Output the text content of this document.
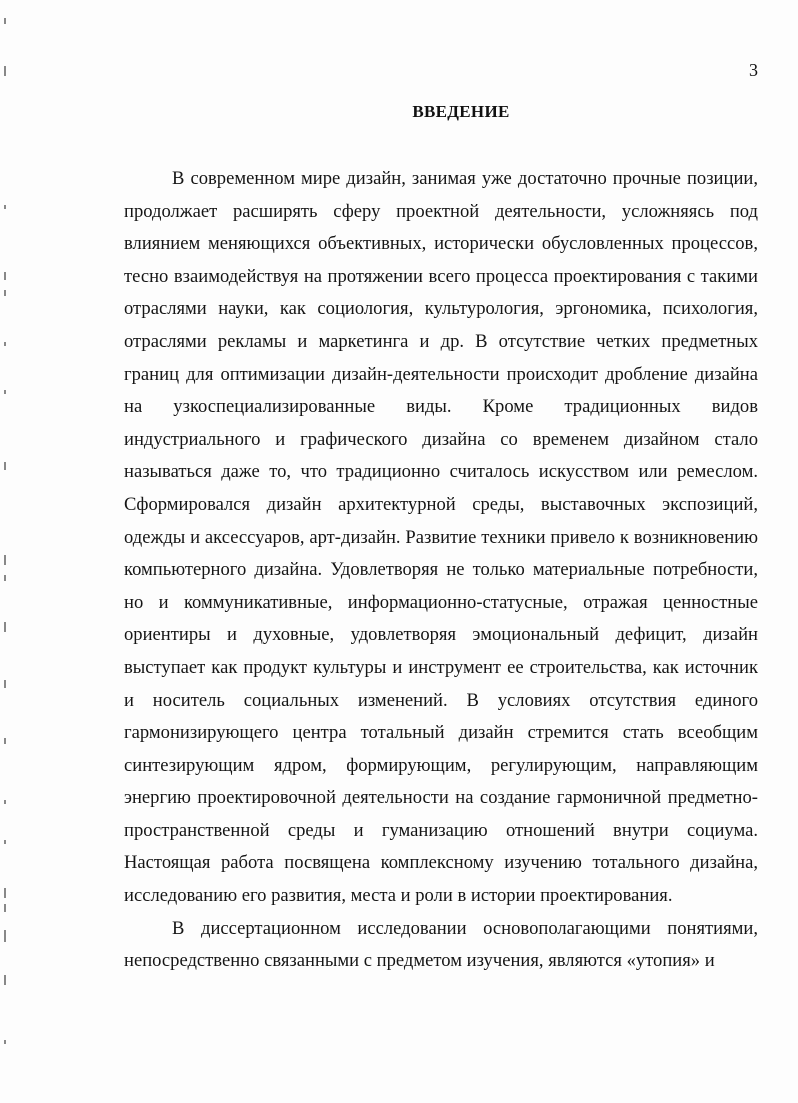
3
ВВЕДЕНИЕ

В современном мире дизайн, занимая уже достаточно прочные позиции, продолжает расширять сферу проектной деятельности, усложняясь под влиянием меняющихся объективных, исторически обусловленных процессов, тесно взаимодействуя на протяжении всего процесса проектирования с такими отраслями науки, как социология, культурология, эргономика, психология, отраслями рекламы и маркетинга и др. В отсутствие четких предметных границ для оптимизации дизайн-деятельности происходит дробление дизайна на узкоспециализированные виды. Кроме традиционных видов индустриального и графического дизайна со временем дизайном стало называться даже то, что традиционно считалось искусством или ремеслом. Сформировался дизайн архитектурной среды, выставочных экспозиций, одежды и аксессуаров, арт-дизайн. Развитие техники привело к возникновению компьютерного дизайна. Удовлетворяя не только материальные потребности, но и коммуникативные, информационно-статусные, отражая ценностные ориентиры и духовные, удовлетворяя эмоциональный дефицит, дизайн выступает как продукт культуры и инструмент ее строительства, как источник и носитель социальных изменений. В условиях отсутствия единого гармонизирующего центра тотальный дизайн стремится стать всеобщим синтезирующим ядром, формирующим, регулирующим, направляющим энергию проектировочной деятельности на создание гармоничной предметно-пространственной среды и гуманизацию отношений внутри социума. Настоящая работа посвящена комплексному изучению тотального дизайна, исследованию его развития, места и роли в истории проектирования.

В диссертационном исследовании основополагающими понятиями, непосредственно связанными с предметом изучения, являются «утопия» и
